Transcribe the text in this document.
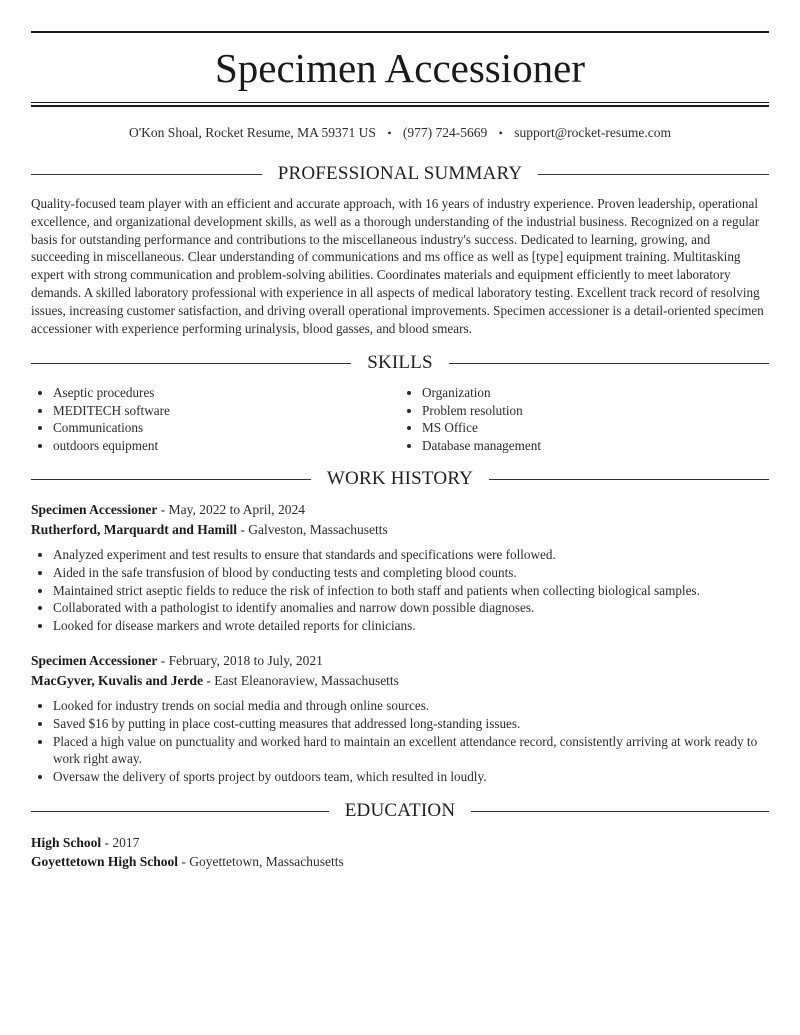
Specimen Accessioner
O'Kon Shoal, Rocket Resume, MA 59371 US • (977) 724-5669 • support@rocket-resume.com
PROFESSIONAL SUMMARY

Quality-focused team player with an efficient and accurate approach, with 16 years of industry experience. Proven leadership, operational excellence, and organizational development skills, as well as a thorough understanding of the industrial business. Recognized on a regular basis for outstanding performance and contributions to the miscellaneous industry's success. Dedicated to learning, growing, and succeeding in miscellaneous. Clear understanding of communications and ms office as well as [type] equipment training. Multitasking expert with strong communication and problem-solving abilities. Coordinates materials and equipment efficiently to meet laboratory demands. A skilled laboratory professional with experience in all aspects of medical laboratory testing. Excellent track record of resolving issues, increasing customer satisfaction, and driving overall operational improvements. Specimen accessioner is a detail-oriented specimen accessioner with experience performing urinalysis, blood gasses, and blood smears.

SKILLS
• Aseptic procedures
• MEDITECH software
• Communications
• outdoors equipment
• Organization
• Problem resolution
• MS Office
• Database management
WORK HISTORY
Specimen Accessioner - May, 2022 to April, 2024
Rutherford, Marquardt and Hamill - Galveston, Massachusetts
• Analyzed experiment and test results to ensure that standards and specifications were followed.
• Aided in the safe transfusion of blood by conducting tests and completing blood counts.
• Maintained strict aseptic fields to reduce the risk of infection to both staff and patients when collecting biological samples.
• Collaborated with a pathologist to identify anomalies and narrow down possible diagnoses.
• Looked for disease markers and wrote detailed reports for clinicians.
Specimen Accessioner - February, 2018 to July, 2021
MacGyver, Kuvalis and Jerde - East Eleanoraview, Massachusetts
• Looked for industry trends on social media and through online sources.
• Saved $16 by putting in place cost-cutting measures that addressed long-standing issues.
• Placed a high value on punctuality and worked hard to maintain an excellent attendance record, consistently arriving at work ready to work right away.
• Oversaw the delivery of sports project by outdoors team, which resulted in loudly.
EDUCATION
High School - 2017
Goyettetown High School - Goyettetown, Massachusetts
